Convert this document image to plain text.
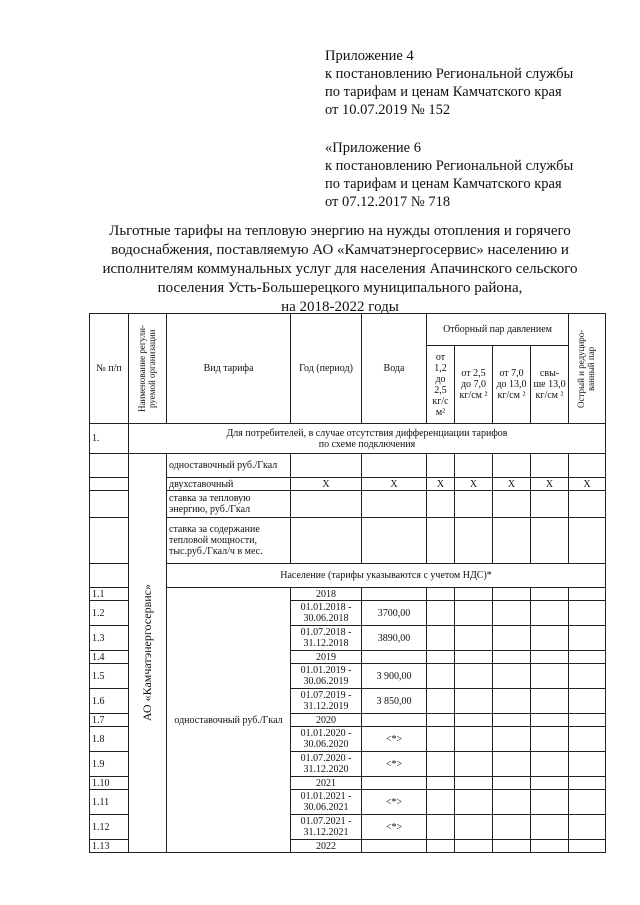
Приложение 4
к постановлению Региональной службы
по тарифам и ценам Камчатского края
от 10.07.2019 № 152
«Приложение 6
к постановлению Региональной службы
по тарифам и ценам Камчатского края
от 07.12.2017 № 718
Льготные тарифы на тепловую энергию на нужды отопления и горячего
водоснабжения, поставляемую АО «Камчатэнергосервис» населению и
исполнителям коммунальных услуг для населения Апачинского сельского
поселения Усть-Большерецкого муниципального района,
на 2018-2022 годы
№ п/п	Наименование регули-руемой организации	Вид тарифа	Год (период)	Вода	Отборный пар давлением				Острый и редуциро-ванный пар

					от 1,2 до 2,5 кг/с м²	от 2,5 до 7,0 кг/см ²	от 7,0 до 13,0 кг/см ²	свы- ше 13,0 кг/см ²	
1.	Для потребителей, в случае отсутствия дифференциации тарифов
по схеме подключения								

	АО «Камчатэнергосервис»	одноставочный руб./Гкал							
		двухставочный	X	X	X	X	X	X	X
		ставка за тепловую энергию, руб./Гкал							
		ставка за содержание тепловой мощности, тыс.руб./Гкал/ч в мес.							
		Население (тарифы указываются с учетом НДС)*							
1.1		одноставочный руб./Гкал	2018						
1.2			01.01.2018 - 30.06.2018	3700,00					
1.3			01.07.2018 - 31.12.2018	3890,00					
1.4			2019						
1.5			01.01.2019 - 30.06.2019	3 900,00					
1.6			01.07.2019 - 31.12.2019	3 850,00					
1.7			2020						
1.8			01.01.2020 - 30.06.2020	<*>					
1.9			01.07.2020 - 31.12.2020	<*>					
1.10			2021						
1.11			01.01.2021 - 30.06.2021	<*>					
1.12			01.07.2021 - 31.12.2021	<*>					
1.13			2022						
